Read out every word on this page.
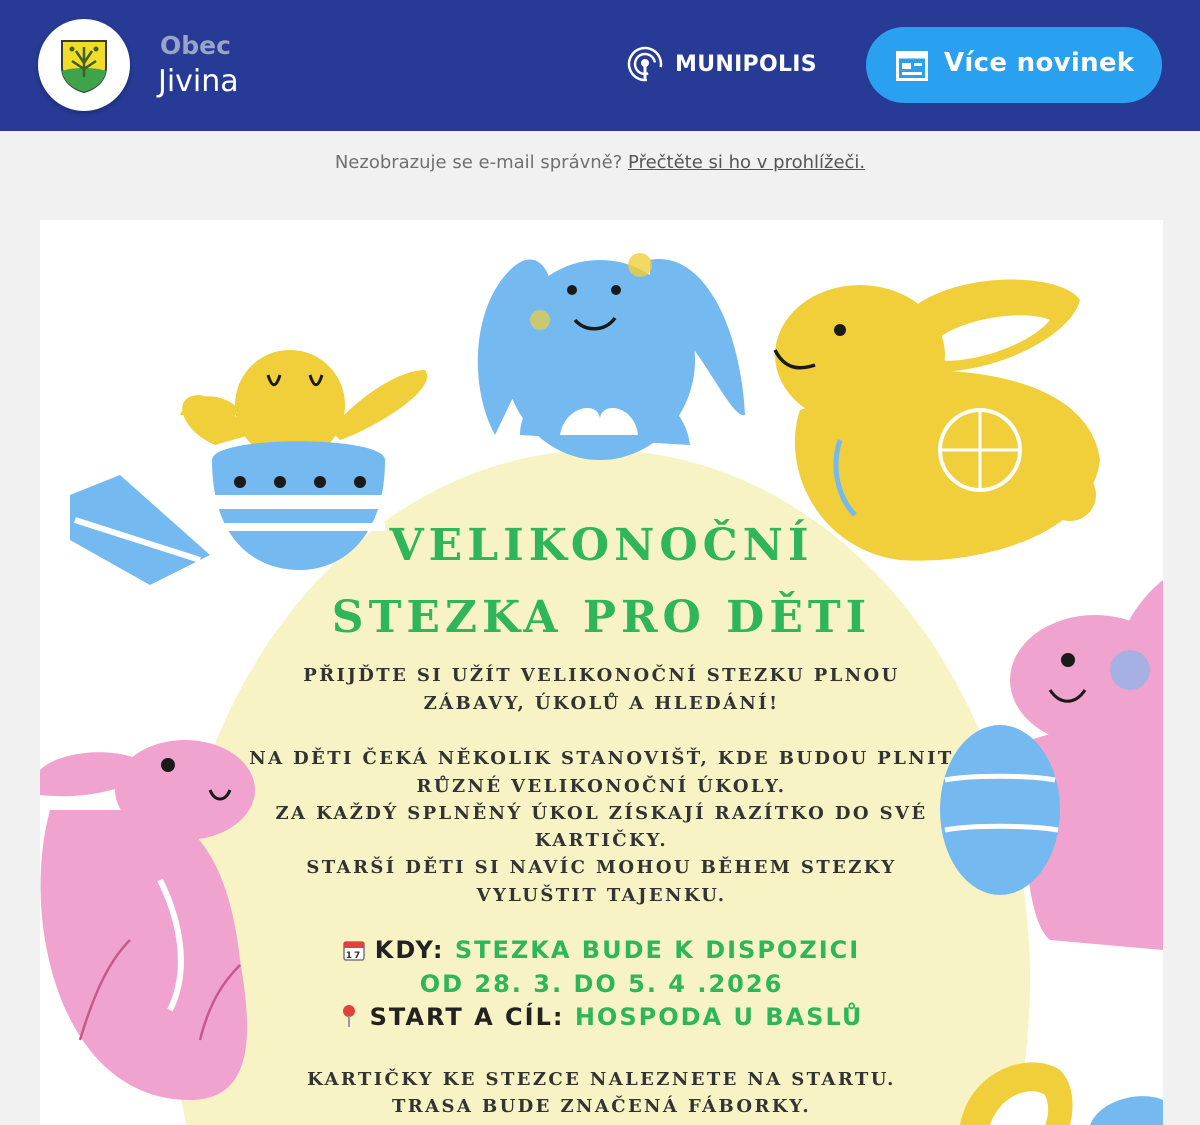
Obec
Jivina	MUNIPOLIS	Více novinek
Nezobrazuje se e-mail správně? Přečtěte si ho v prohlížeči.
VELIKONOČNÍ
STEZKA PRO DĚTI
PŘIJĎTE SI UŽÍT VELIKONOČNÍ STEZKU PLNOU
ZÁBAVY, ÚKOLŮ A HLEDÁNÍ!
NA DĚTI ČEKÁ NĚKOLIK STANOVIŠŤ, KDE BUDOU PLNIT
RŮZNÉ VELIKONOČNÍ ÚKOLY.
ZA KAŽDÝ SPLNĚNÝ ÚKOL ZÍSKAJÍ RAZÍTKO DO SVÉ
KARTIČKY.
STARŠÍ DĚTI SI NAVÍC MOHOU BĚHEM STEZKY
VYLUŠTIT TAJENKU.
17 KDY: STEZKA BUDE K DISPOZICI
OD 28. 3. DO 5. 4 .2026
START A CÍL: HOSPODA U BASLŮ
KARTIČKY KE STEZCE NALEZNETE NA STARTU.
TRASA BUDE ZNAČENÁ FÁBORKY.
